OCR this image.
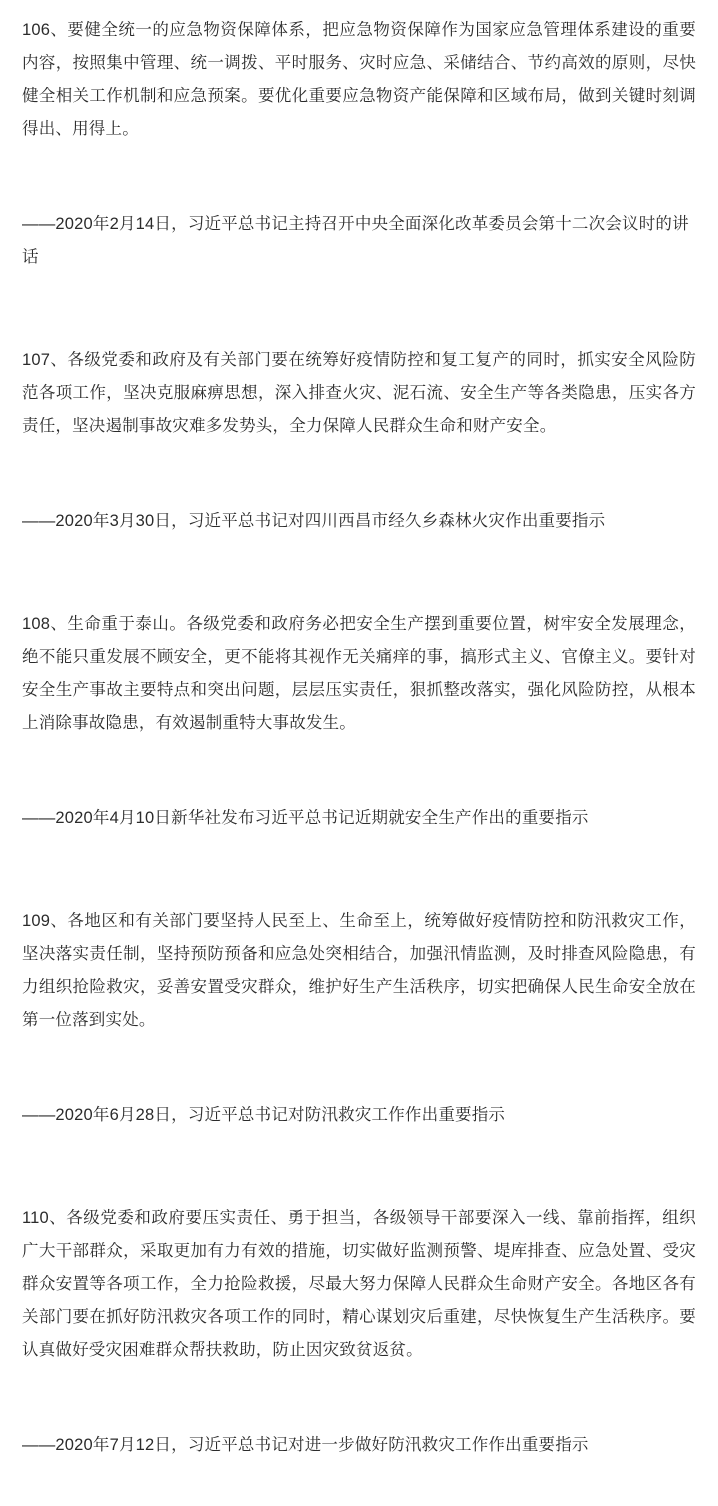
106、要健全统一的应急物资保障体系，把应急物资保障作为国家应急管理体系建设的重要内容，按照集中管理、统一调拨、平时服务、灾时应急、采储结合、节约高效的原则，尽快健全相关工作机制和应急预案。要优化重要应急物资产能保障和区域布局，做到关键时刻调得出、用得上。

——2020年2月14日，习近平总书记主持召开中央全面深化改革委员会第十二次会议时的讲话

107、各级党委和政府及有关部门要在统筹好疫情防控和复工复产的同时，抓实安全风险防范各项工作，坚决克服麻痹思想，深入排查火灾、泥石流、安全生产等各类隐患，压实各方责任，坚决遏制事故灾难多发势头，全力保障人民群众生命和财产安全。

——2020年3月30日，习近平总书记对四川西昌市经久乡森林火灾作出重要指示

108、生命重于泰山。各级党委和政府务必把安全生产摆到重要位置，树牢安全发展理念，绝不能只重发展不顾安全，更不能将其视作无关痛痒的事，搞形式主义、官僚主义。要针对安全生产事故主要特点和突出问题，层层压实责任，狠抓整改落实，强化风险防控，从根本上消除事故隐患，有效遏制重特大事故发生。

——2020年4月10日新华社发布习近平总书记近期就安全生产作出的重要指示

109、各地区和有关部门要坚持人民至上、生命至上，统筹做好疫情防控和防汛救灾工作，坚决落实责任制，坚持预防预备和应急处突相结合，加强汛情监测，及时排查风险隐患，有力组织抢险救灾，妥善安置受灾群众，维护好生产生活秩序，切实把确保人民生命安全放在第一位落到实处。

——2020年6月28日，习近平总书记对防汛救灾工作作出重要指示

110、各级党委和政府要压实责任、勇于担当，各级领导干部要深入一线、靠前指挥，组织广大干部群众，采取更加有力有效的措施，切实做好监测预警、堤库排查、应急处置、受灾群众安置等各项工作，全力抢险救援，尽最大努力保障人民群众生命财产安全。各地区各有关部门要在抓好防汛救灾各项工作的同时，精心谋划灾后重建，尽快恢复生产生活秩序。要认真做好受灾困难群众帮扶救助，防止因灾致贫返贫。

——2020年7月12日，习近平总书记对进一步做好防汛救灾工作作出重要指示
